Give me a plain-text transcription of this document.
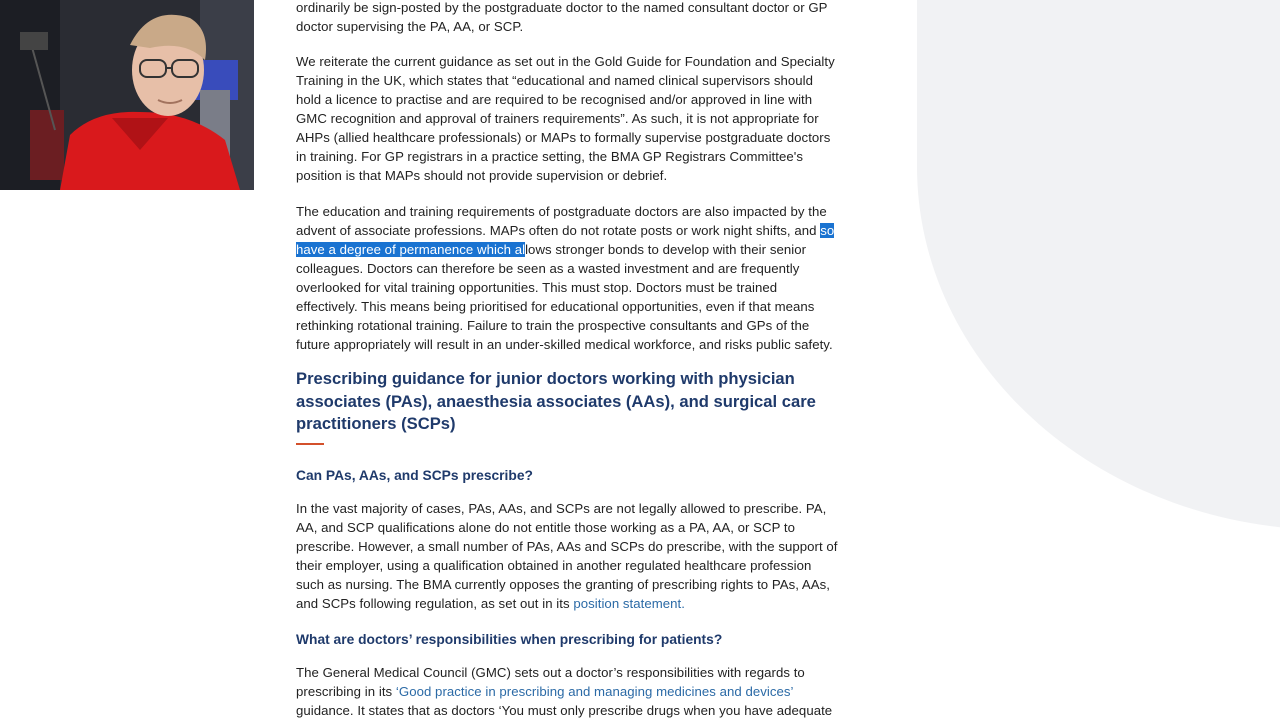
ordinarily be sign-posted by the postgraduate doctor to the named consultant doctor or GP
doctor supervising the PA, AA, or SCP.

We reiterate the current guidance as set out in the Gold Guide for Foundation and Specialty
Training in the UK, which states that “educational and named clinical supervisors should
hold a licence to practise and are required to be recognised and/or approved in line with
GMC recognition and approval of trainers requirements”. As such, it is not appropriate for
AHPs (allied healthcare professionals) or MAPs to formally supervise postgraduate doctors
in training. For GP registrars in a practice setting, the BMA GP Registrars Committee's
position is that MAPs should not provide supervision or debrief.

The education and training requirements of postgraduate doctors are also impacted by the
advent of associate professions. MAPs often do not rotate posts or work night shifts, and so
have a degree of permanence which allows stronger bonds to develop with their senior
colleagues. Doctors can therefore be seen as a wasted investment and are frequently
overlooked for vital training opportunities. This must stop. Doctors must be trained
effectively. This means being prioritised for educational opportunities, even if that means
rethinking rotational training. Failure to train the prospective consultants and GPs of the
future appropriately will result in an under-skilled medical workforce, and risks public safety.

Prescribing guidance for junior doctors working with physician
associates (PAs), anaesthesia associates (AAs), and surgical care
practitioners (SCPs)
Can PAs, AAs, and SCPs prescribe?

In the vast majority of cases, PAs, AAs, and SCPs are not legally allowed to prescribe. PA,
AA, and SCP qualifications alone do not entitle those working as a PA, AA, or SCP to
prescribe. However, a small number of PAs, AAs and SCPs do prescribe, with the support of
their employer, using a qualification obtained in another regulated healthcare profession
such as nursing. The BMA currently opposes the granting of prescribing rights to PAs, AAs,
and SCPs following regulation, as set out in its position statement.

What are doctors’ responsibilities when prescribing for patients?

The General Medical Council (GMC) sets out a doctor’s responsibilities with regards to
prescribing in its ‘Good practice in prescribing and managing medicines and devices’
guidance. It states that as doctors ‘You must only prescribe drugs when you have adequate
